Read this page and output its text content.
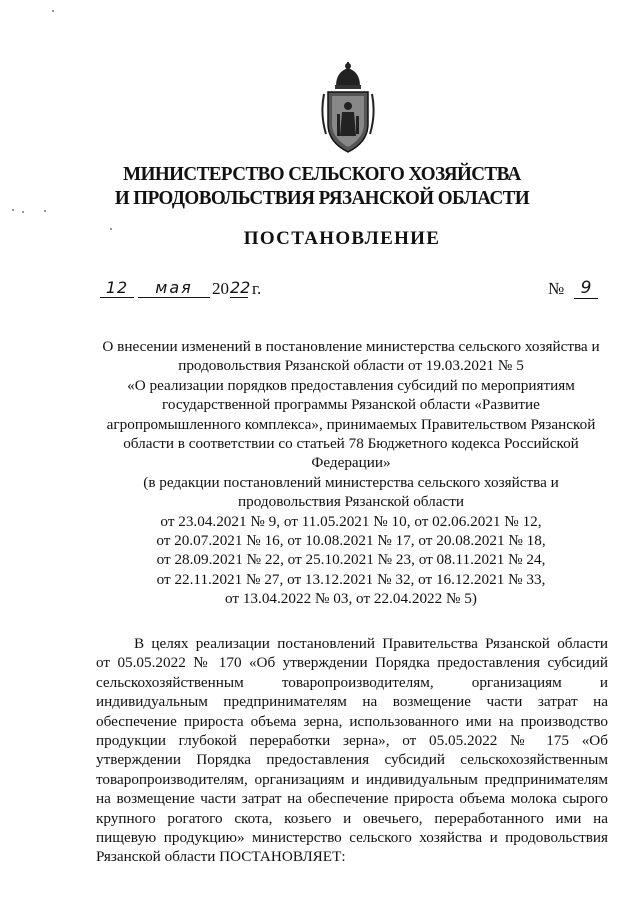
МИНИСТЕРСТВО СЕЛЬСКОГО ХОЗЯЙСТВА
И ПРОДОВОЛЬСТВИЯ РЯЗАНСКОЙ ОБЛАСТИ
ПОСТАНОВЛЕНИЕ
12	мая	20 22 г.	№ 9
О внесении изменений в постановление министерства сельского хозяйства и
продовольствия Рязанской области от 19.03.2021 № 5
«О реализации порядков предоставления субсидий по мероприятиям
государственной программы Рязанской области «Развитие
агропромышленного комплекса», принимаемых Правительством Рязанской
области в соответствии со статьей 78 Бюджетного кодекса Российской
Федерации»
(в редакции постановлений министерства сельского хозяйства и
продовольствия Рязанской области
от 23.04.2021 № 9, от 11.05.2021 № 10, от 02.06.2021 № 12,
от 20.07.2021 № 16, от 10.08.2021 № 17, от 20.08.2021 № 18,
от 28.09.2021 № 22, от 25.10.2021 № 23, от 08.11.2021 № 24,
от 22.11.2021 № 27, от 13.12.2021 № 32, от 16.12.2021 № 33,
от 13.04.2022 № 03, от 22.04.2022 № 5)
В целях реализации постановлений Правительства Рязанской области
от 05.05.2022 № 170 «Об утверждении Порядка предоставления субсидий
сельскохозяйственным товаропроизводителям, организациям и
индивидуальным предпринимателям на возмещение части затрат на
обеспечение прироста объема зерна, использованного ими на производство
продукции глубокой переработки зерна», от 05.05.2022 № 175 «Об
утверждении Порядка предоставления субсидий сельскохозяйственным
товаропроизводителям, организациям и индивидуальным предпринимателям
на возмещение части затрат на обеспечение прироста объема молока сырого
крупного рогатого скота, козьего и овечьего, переработанного ими на
пищевую продукцию» министерство сельского хозяйства и продовольствия
Рязанской области ПОСТАНОВЛЯЕТ:
